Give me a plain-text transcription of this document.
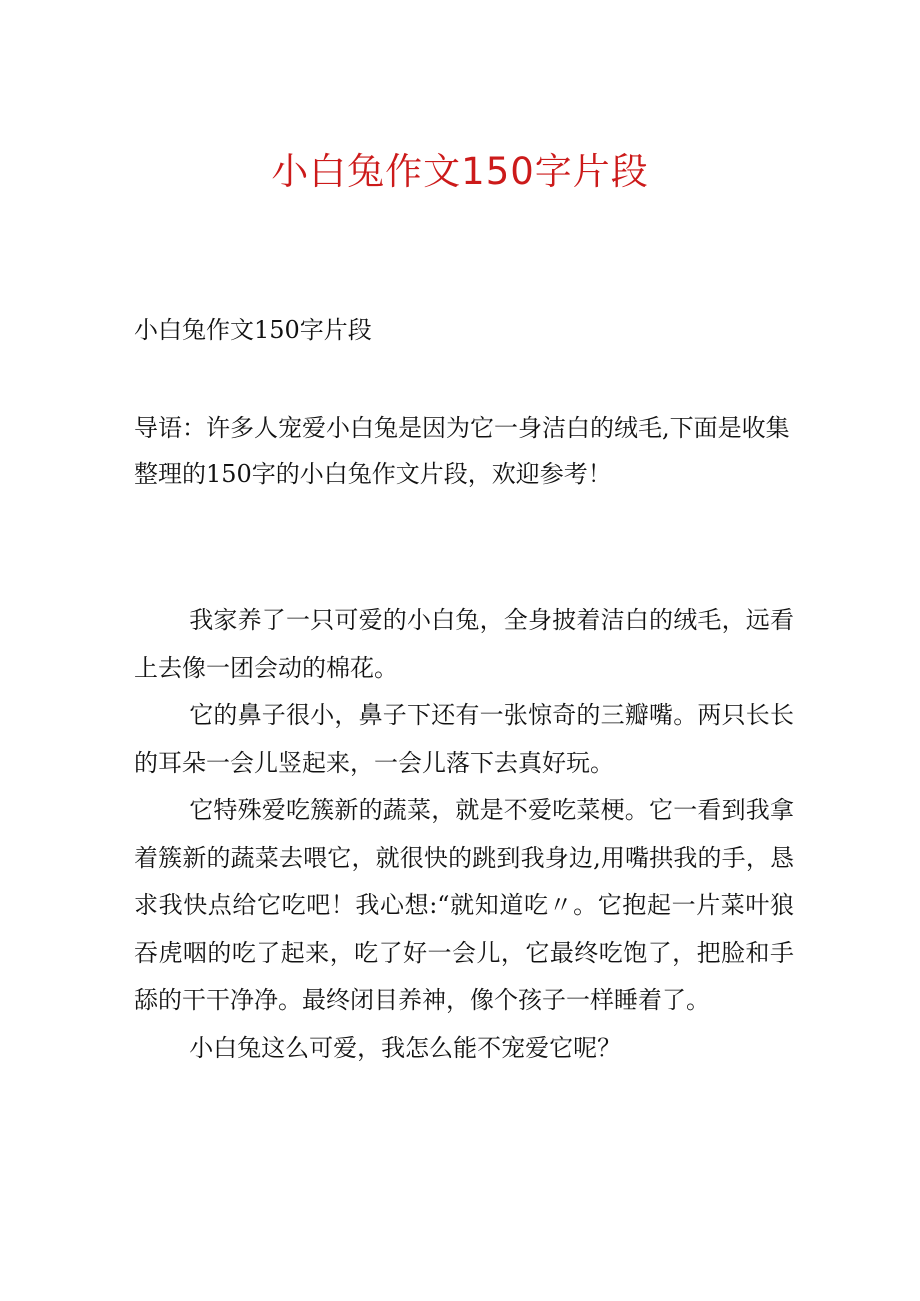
小白兔作文150字片段

小白兔作文150字片段

导语：许多人宠爱小白兔是因为它一身洁白的绒毛,下面是收集整理的150字的小白兔作文片段，欢迎参考！

我家养了一只可爱的小白兔，全身披着洁白的绒毛，远看上去像一团会动的棉花。

它的鼻子很小，鼻子下还有一张惊奇的三瓣嘴。两只长长的耳朵一会儿竖起来，一会儿落下去真好玩。

它特殊爱吃簇新的蔬菜，就是不爱吃菜梗。它一看到我拿着簇新的蔬菜去喂它，就很快的跳到我身边,用嘴拱我的手，恳求我快点给它吃吧！我心想:“就知道吃〃。它抱起一片菜叶狼吞虎咽的吃了起来，吃了好一会儿，它最终吃饱了，把脸和手舔的干干净净。最终闭目养神，像个孩子一样睡着了。

小白兔这么可爱，我怎么能不宠爱它呢？
